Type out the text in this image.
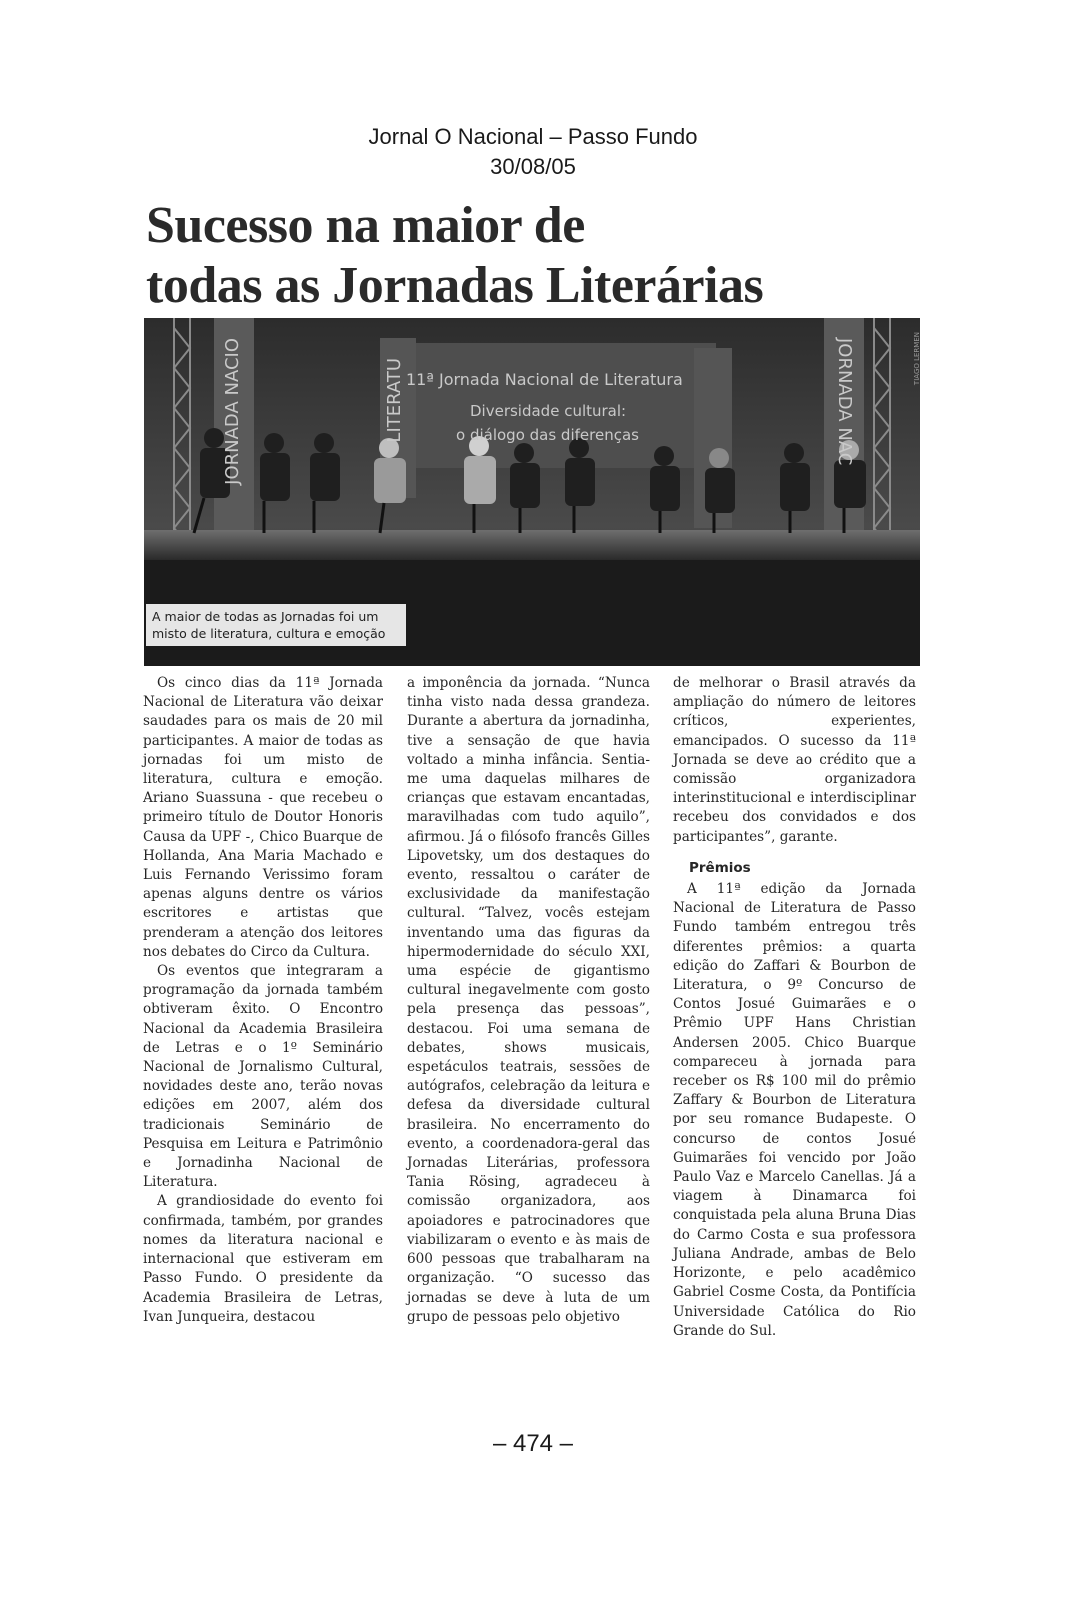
Jornal O Nacional – Passo Fundo
30/08/05
Sucesso na maior de
todas as Jornadas Literárias
11ª Jornada Nacional de Literatura
Diversidade cultural:
o diálogo das diferenças
JORNADA NACIO	LITERATU	JORNADA NAC	TIAGO LERMEN
A maior de todas as Jornadas foi um misto de literatura, cultura e emoção

Os cinco dias da 11ª Jornada Nacional de Literatura vão deixar saudades para os mais de 20 mil participantes. A maior de todas as jornadas foi um misto de literatura, cultura e emoção. Ariano Suassuna - que recebeu o primeiro título de Doutor Honoris Causa da UPF -, Chico Buarque de Hollanda, Ana Maria Machado e Luis Fernando Verissimo foram apenas alguns dentre os vários escritores e artistas que prenderam a atenção dos leitores nos debates do Circo da Cultura.

Os eventos que integraram a programação da jornada também obtiveram êxito. O Encontro Nacional da Academia Brasileira de Letras e o 1º Seminário Nacional de Jornalismo Cultural, novidades deste ano, terão novas edições em 2007, além dos tradicionais Seminário de Pesquisa em Leitura e Patrimônio e Jornadinha Nacional de Literatura.

A grandiosidade do evento foi confirmada, também, por grandes nomes da literatura nacional e internacional que estiveram em Passo Fundo. O presidente da Academia Brasileira de Letras, Ivan Junqueira, destacou

a imponência da jornada. “Nunca tinha visto nada dessa grandeza. Durante a abertura da jornadinha, tive a sensação de que havia voltado a minha infância. Sentia-me uma daquelas milhares de crianças que estavam encantadas, maravilhadas com tudo aquilo”, afirmou. Já o filósofo francês Gilles Lipovetsky, um dos destaques do evento, ressaltou o caráter de exclusividade da manifestação cultural. “Talvez, vocês estejam inventando uma das figuras da hipermodernidade do século XXI, uma espécie de gigantismo cultural inegavelmente com gosto pela presença das pessoas”, destacou. Foi uma semana de debates, shows musicais, espetáculos teatrais, sessões de autógrafos, celebração da leitura e defesa da diversidade cultural brasileira. No encerramento do evento, a coordenadora-geral das Jornadas Literárias, professora Tania Rösing, agradeceu à comissão organizadora, aos apoiadores e patrocinadores que viabilizaram o evento e às mais de 600 pessoas que trabalharam na organização. “O sucesso das jornadas se deve à luta de um grupo de pessoas pelo objetivo

de melhorar o Brasil através da ampliação do número de leitores críticos, experientes, emancipados. O sucesso da 11ª Jornada se deve ao crédito que a comissão organizadora interinstitucional e interdisciplinar recebeu dos convidados e dos participantes”, garante.

Prêmios

A 11ª edição da Jornada Nacional de Literatura de Passo Fundo também entregou três diferentes prêmios: a quarta edição do Zaffari & Bourbon de Literatura, o 9º Concurso de Contos Josué Guimarães e o Prêmio UPF Hans Christian Andersen 2005. Chico Buarque compareceu à jornada para receber os R$ 100 mil do prêmio Zaffary & Bourbon de Literatura por seu romance Budapeste. O concurso de contos Josué Guimarães foi vencido por João Paulo Vaz e Marcelo Canellas. Já a viagem à Dinamarca foi conquistada pela aluna Bruna Dias do Carmo Costa e sua professora Juliana Andrade, ambas de Belo Horizonte, e pelo acadêmico Gabriel Cosme Costa, da Pontifícia Universidade Católica do Rio Grande do Sul.

– 474 –
